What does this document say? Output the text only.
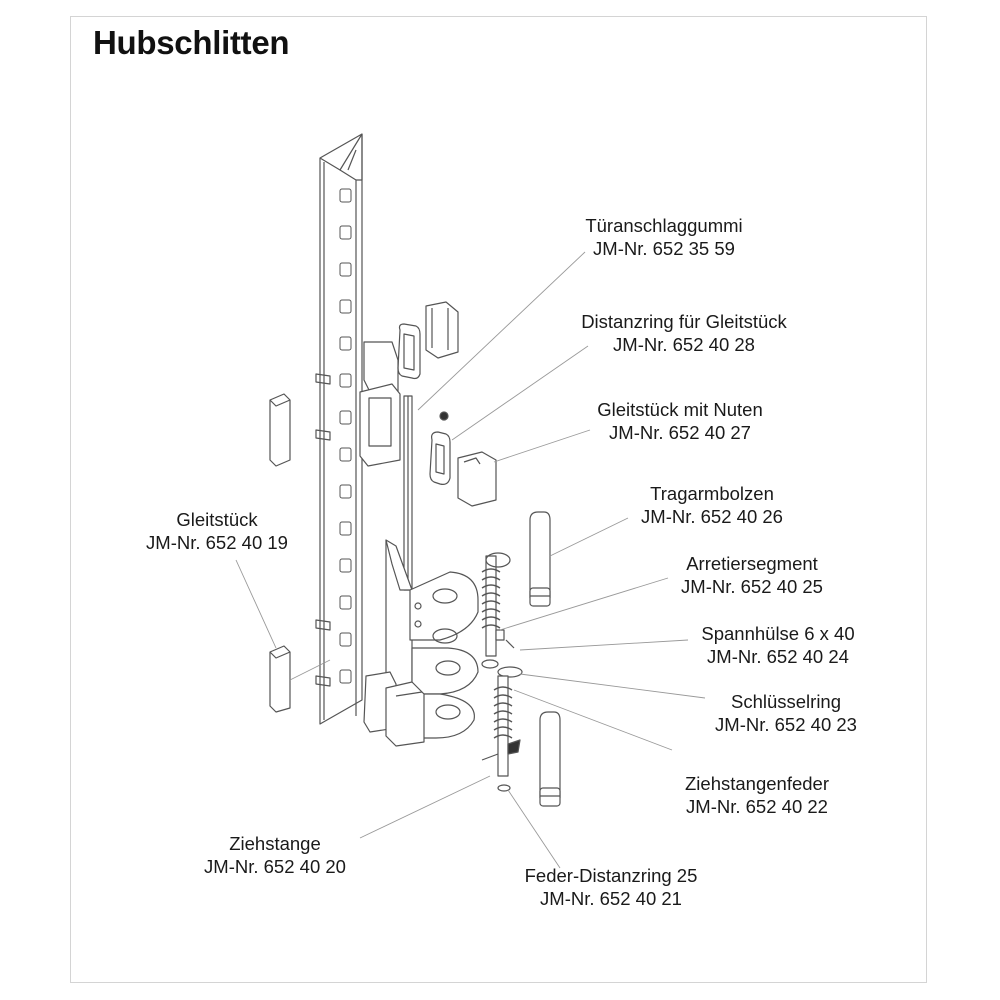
Hubschlitten
Türanschlaggummi
JM-Nr. 652 35 59
Distanzring für Gleitstück
JM-Nr. 652 40 28
Gleitstück mit Nuten
JM-Nr. 652 40 27
Tragarmbolzen
JM-Nr. 652 40 26
Arretiersegment
JM-Nr. 652 40 25
Spannhülse 6 x 40
JM-Nr. 652 40 24
Schlüsselring
JM-Nr. 652 40 23
Ziehstangenfeder
JM-Nr. 652 40 22
Feder-Distanzring 25
JM-Nr. 652 40 21
Ziehstange
JM-Nr. 652 40 20
Gleitstück
JM-Nr. 652 40 19
